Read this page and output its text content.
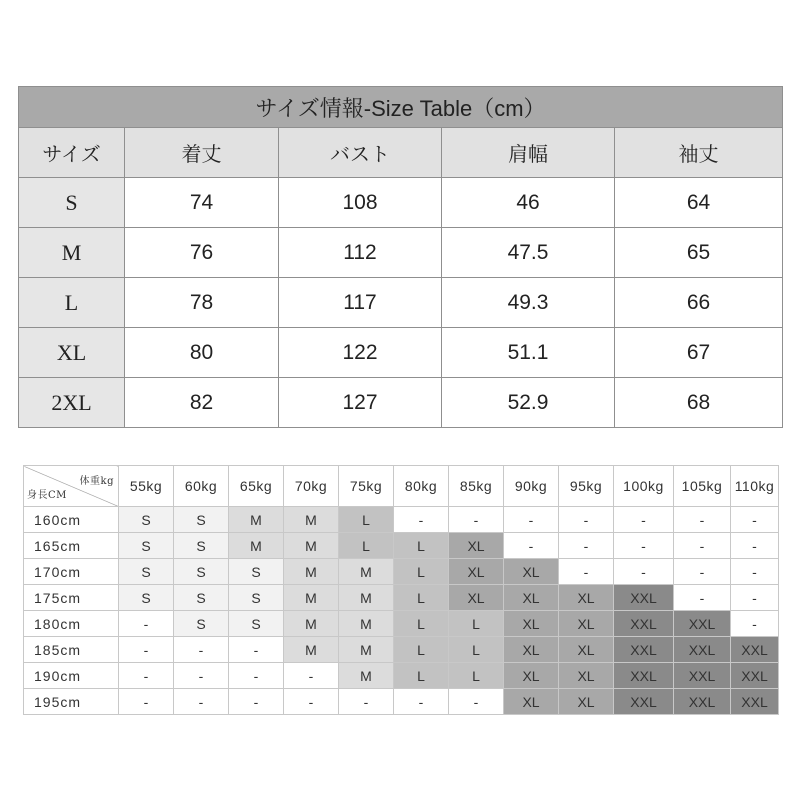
サイズ情報-Size Table（cm）				
サイズ	着丈	バスト	肩幅	袖丈
S	74	108	46	64
M	76	112	47.5	65
L	78	117	49.3	66
XL	80	122	51.1	67
2XL	82	127	52.9	68
体重kg
身長CM	55kg	60kg	65kg	70kg	75kg	80kg	85kg	90kg	95kg	100kg	105kg	110kg
160cm	S	S	M	M	L	-	-	-	-	-	-	-
165cm	S	S	M	M	L	L	XL	-	-	-	-	-
170cm	S	S	S	M	M	L	XL	XL	-	-	-	-
175cm	S	S	S	M	M	L	XL	XL	XL	XXL	-	-
180cm	-	S	S	M	M	L	L	XL	XL	XXL	XXL	-
185cm	-	-	-	M	M	L	L	XL	XL	XXL	XXL	XXL
190cm	-	-	-	-	M	L	L	XL	XL	XXL	XXL	XXL
195cm	-	-	-	-	-	-	-	XL	XL	XXL	XXL	XXL
